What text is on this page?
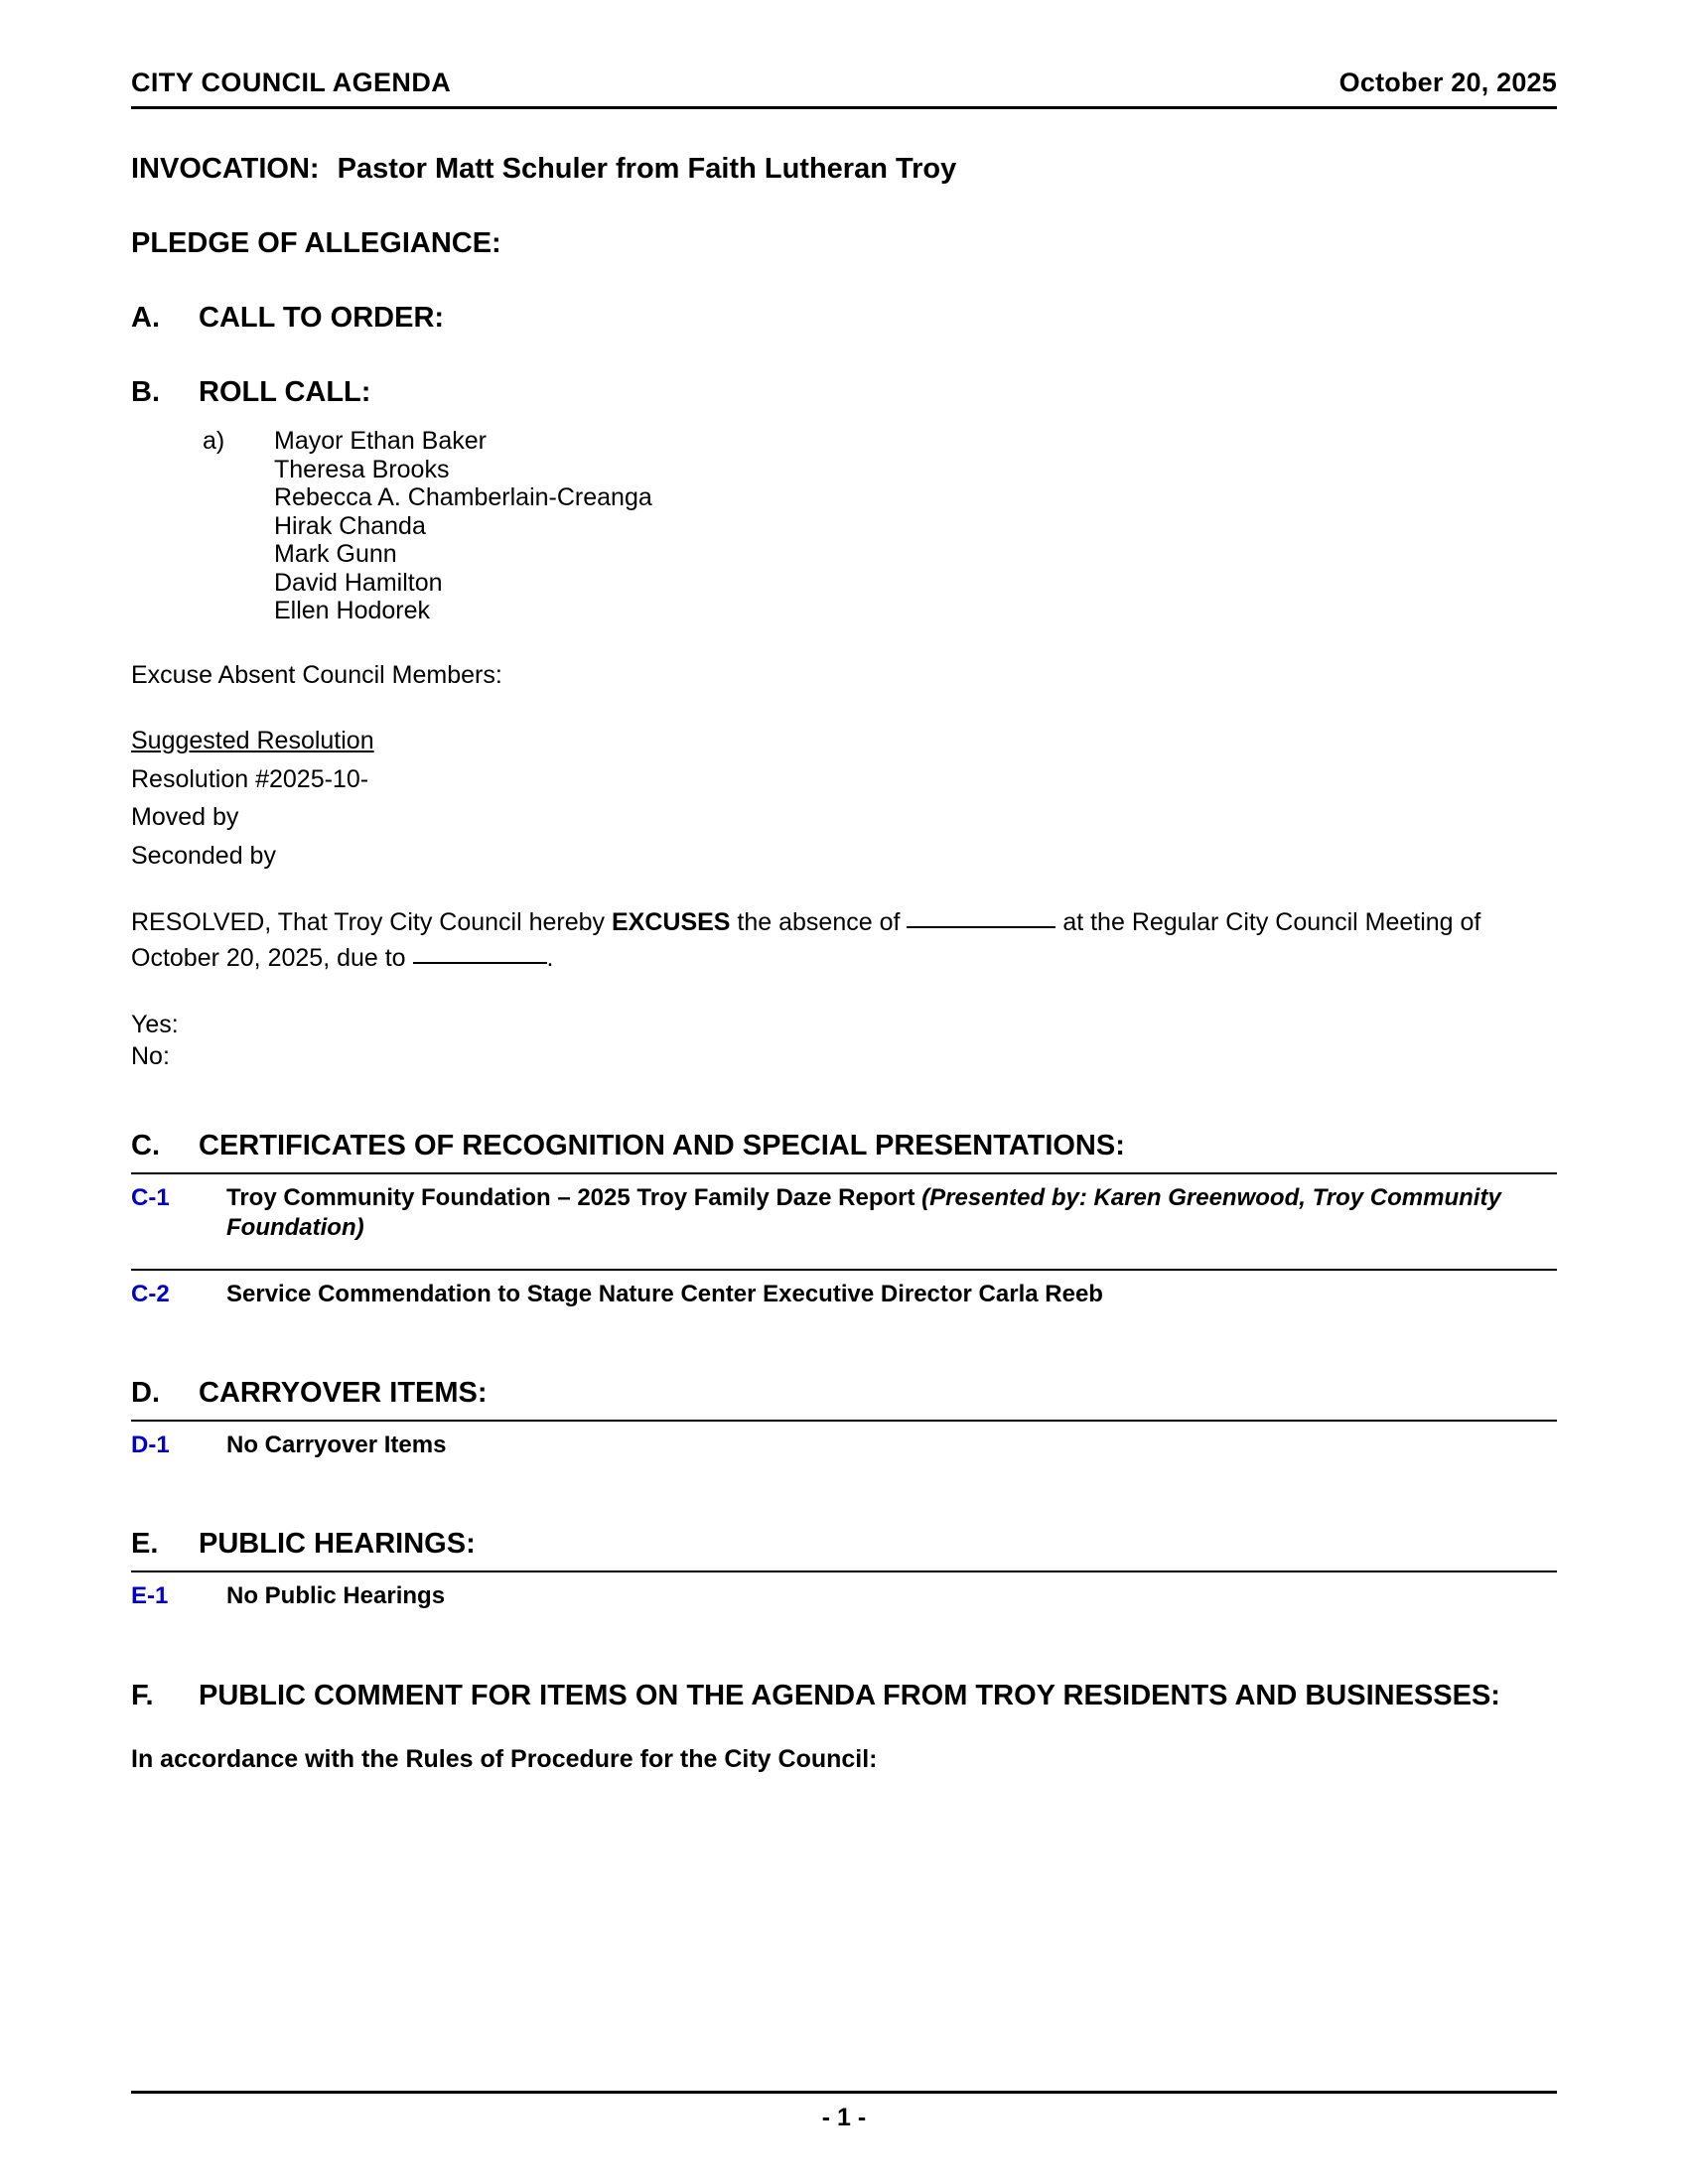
CITY COUNCIL AGENDA	October 20, 2025
INVOCATION: Pastor Matt Schuler from Faith Lutheran Troy
PLEDGE OF ALLEGIANCE:
A.	CALL TO ORDER:
B.	ROLL CALL:
a)	Mayor Ethan Baker
Theresa Brooks
Rebecca A. Chamberlain-Creanga
Hirak Chanda
Mark Gunn
David Hamilton
Ellen Hodorek
Excuse Absent Council Members:
Suggested Resolution
Resolution #2025-10-
Moved by
Seconded by
RESOLVED, That Troy City Council hereby EXCUSES the absence of	at the Regular City Council Meeting of October 20, 2025, due to	.
Yes:
No:
C.	CERTIFICATES OF RECOGNITION AND SPECIAL PRESENTATIONS:
C-1	Troy Community Foundation – 2025 Troy Family Daze Report (Presented by: Karen Greenwood, Troy Community Foundation)
C-2	Service Commendation to Stage Nature Center Executive Director Carla Reeb
D.	CARRYOVER ITEMS:
D-1	No Carryover Items
E.	PUBLIC HEARINGS:
E-1	No Public Hearings
F.	PUBLIC COMMENT FOR ITEMS ON THE AGENDA FROM TROY RESIDENTS AND BUSINESSES:
In accordance with the Rules of Procedure for the City Council:
- 1 -
